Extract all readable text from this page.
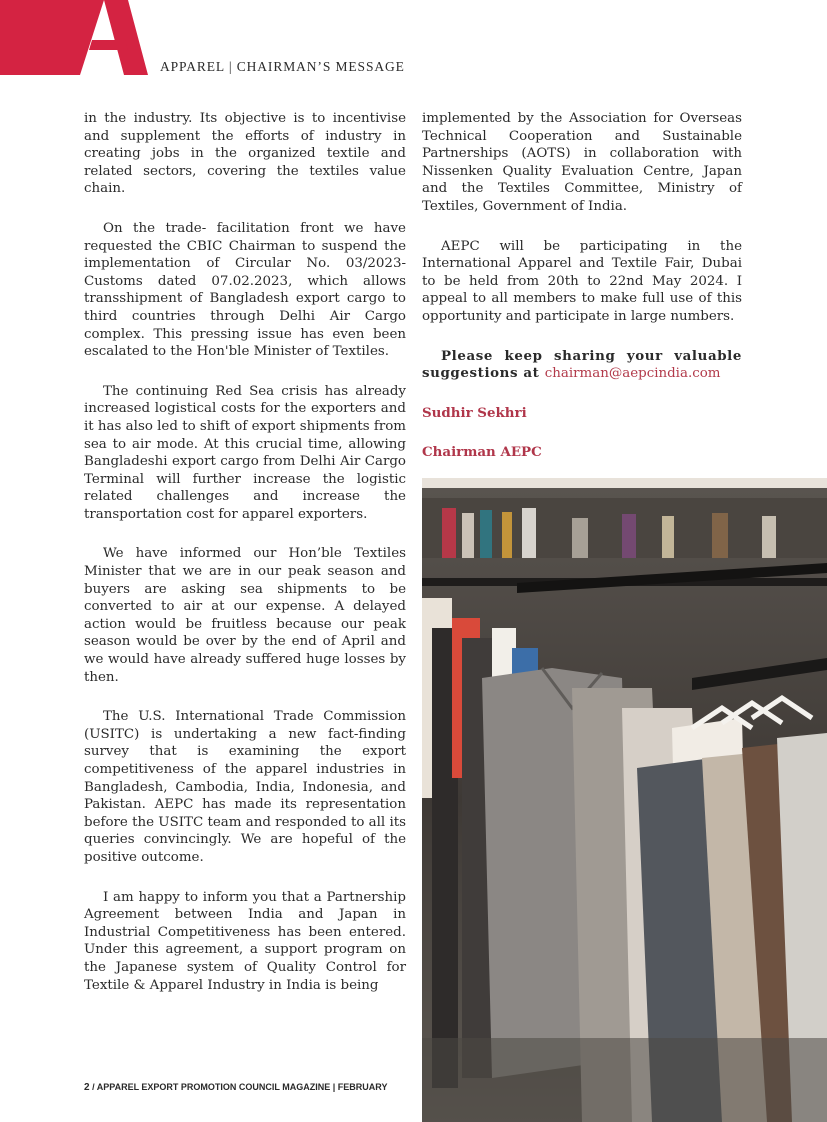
APPAREL | CHAIRMAN’S MESSAGE

in the industry. Its objective is to incentivise and supplement the efforts of industry in creating jobs in the organized textile and related sectors, covering the textiles value chain.

On the trade- facilitation front we have requested the CBIC Chairman to suspend the implementation of Circular No. 03/2023-Customs dated 07.02.2023, which allows transshipment of Bangladesh export cargo to third countries through Delhi Air Cargo complex. This pressing issue has even been escalated to the Hon'ble Minister of Textiles.

The continuing Red Sea crisis has already increased logistical costs for the exporters and it has also led to shift of export shipments from sea to air mode. At this crucial time, allowing Bangladeshi export cargo from Delhi Air Cargo Terminal will further increase the logistic related challenges and increase the transportation cost for apparel exporters.

We have informed our Hon’ble Textiles Minister that we are in our peak season and buyers are asking sea shipments to be converted to air at our expense. A delayed action would be fruitless because our peak season would be over by the end of April and we would have already suffered huge losses by then.

The U.S. International Trade Commission (USITC) is undertaking a new fact-finding survey that is examining the export competitiveness of the apparel industries in Bangladesh, Cambodia, India, Indonesia, and Pakistan. AEPC has made its representation before the USITC team and responded to all its queries convincingly. We are hopeful of the positive outcome.

I am happy to inform you that a Partnership Agreement between India and Japan in Industrial Competitiveness has been entered. Under this agreement, a support program on the Japanese system of Quality Control for Textile & Apparel Industry in India is being

implemented by the Association for Overseas Technical Cooperation and Sustainable Partnerships (AOTS) in collaboration with Nissenken Quality Evaluation Centre, Japan and the Textiles Committee, Ministry of Textiles, Government of India.

AEPC will be participating in the International Apparel and Textile Fair, Dubai to be held from 20th to 22nd May 2024. I appeal to all members to make full use of this opportunity and participate in large numbers.

Please keep sharing your valuable suggestions at chairman@aepcindia.com

Sudhir Sekhri

Chairman AEPC

2 / APPAREL EXPORT PROMOTION COUNCIL MAGAZINE | FEBRUARY
